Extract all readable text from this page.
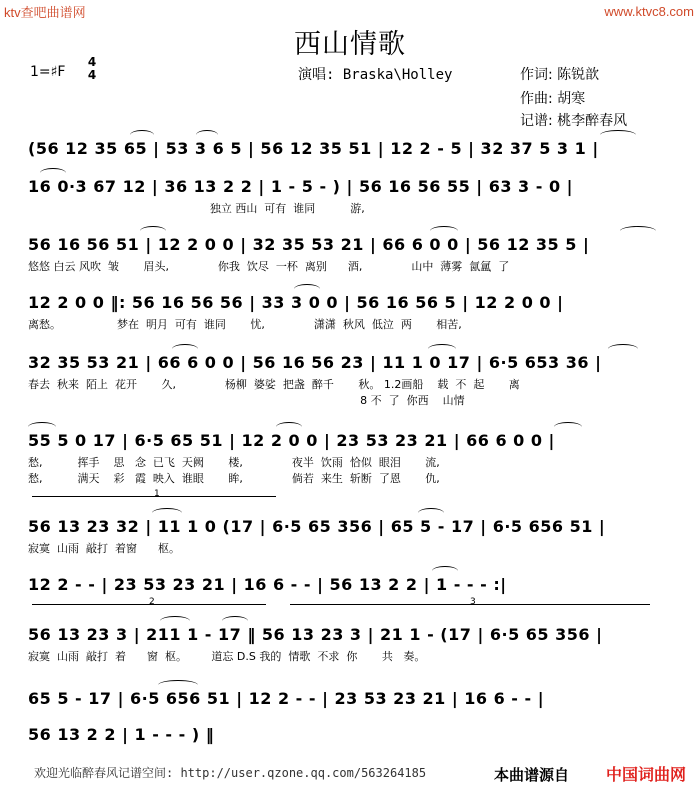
ktv查吧曲谱网	www.ktvc8.com
西山情歌
1=♯F
4
4	演唱: Braska\Holley	作词: 陈锐歆
作曲: 胡寒
记谱: 桃李醉春风
(56 12 35 65 | 53 3 6 5 | 56 12 35 51 | 12 2 - 5 | 32 37 5 3 1 |
16 0·3 67 12 | 36 13 2 2 | 1 - 5 - ) | 56 16 56 55 | 63 3 - 0 |
独立 西山  可有  谁同          游,
56 16 56 51 | 12 2 0 0 | 32 35 53 21 | 66 6 0 0 | 56 12 35 5 |
悠悠 白云 风吹  皱       眉头,              你我  饮尽  一杯  离别      酒,              山中  薄雾  氤氲  了
12 2 0 0 ‖: 56 16 56 56 | 33 3 0 0 | 56 16 56 5 | 12 2 0 0 |
离愁。                梦在  明月  可有  谁同       忧,              潇潇  秋风  低泣  两       相苦,
32 35 53 21 | 66 6 0 0 | 56 16 56 23 | 11 1 0 17 | 6·5 653 36 |
春去  秋来  陌上  花开       久,              杨柳  婆娑  把盏  醉千       秋。 1.2画船    载  不  起       离
8 不  了  你西    山情
55 5 0 17 | 6·5 65 51 | 12 2 0 0 | 23 53 23 21 | 66 6 0 0 |
愁,          挥手    思   念  已飞  天阙       楼,              夜半  饮雨  恰似  眼泪       流,
愁,          满天    彩   霞  映入  谁眼       眸,              倘若  来生  斩断  了恩       仇,
1
56 13 23 32 | 11 1 0 (17 | 6·5 65 356 | 65 5 - 17 | 6·5 656 51 |
寂寞  山雨  敲打  着窗      枢。
12 2 - - | 23 53 23 21 | 16 6 - - | 56 13 2 2 | 1 - - - :|
2	3
56 13 23 3 | 211 1 - 17 ‖ 56 13 23 3 | 21 1 - (17 | 6·5 65 356 |
寂寞  山雨  敲打  着      窗  枢。       道忘 D.S 我的  情歌  不求  你       共   奏。
65 5 - 17 | 6·5 656 51 | 12 2 - - | 23 53 23 21 | 16 6 - - |
56 13 2 2 | 1 - - - ) ‖
欢迎光临醉春风记谱空间: http://user.qzone.qq.com/563264185	本曲谱源自 中国词曲网
